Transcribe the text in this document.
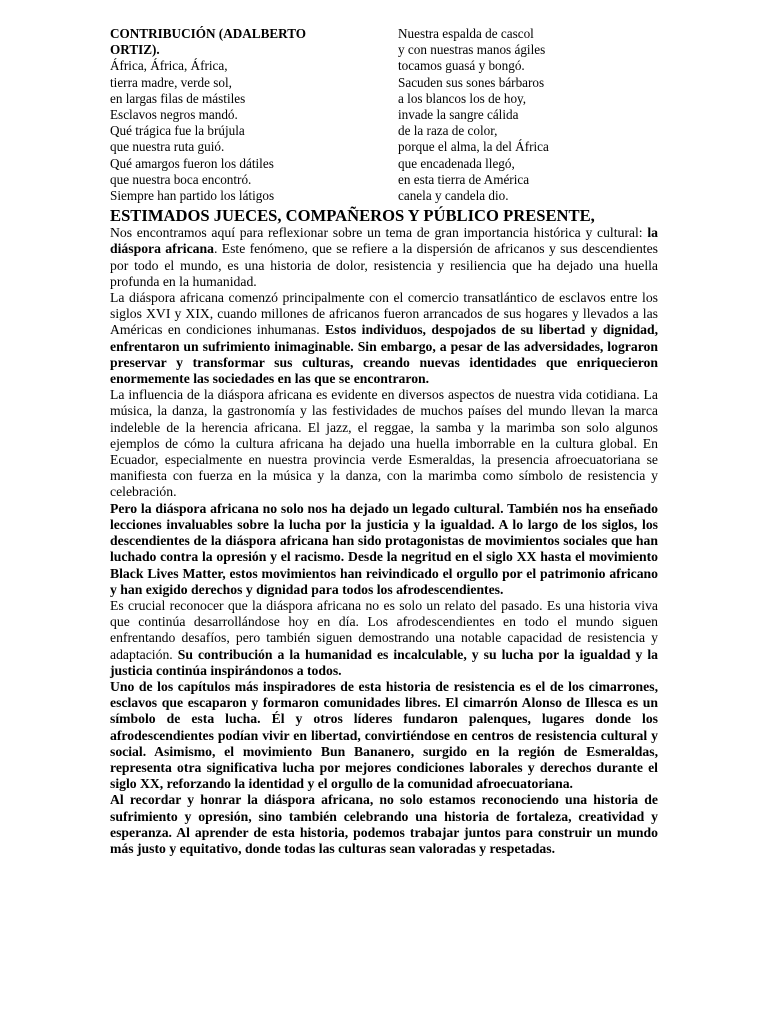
CONTRIBUCIÓN (ADALBERTO
ORTIZ).
África, África, África,
tierra madre, verde sol,
en largas filas de mástiles
Esclavos negros mandó.
Qué trágica fue la brújula
que nuestra ruta guió.
Qué amargos fueron los dátiles
que nuestra boca encontró.
Siempre han partido los látigos
Nuestra espalda de cascol
y con nuestras manos ágiles
tocamos guasá y bongó.
Sacuden sus sones bárbaros
a los blancos los de hoy,
invade la sangre cálida
de la raza de color,
porque el alma, la del África
que encadenada llegó,
en esta tierra de América
canela y candela dio.
ESTIMADOS JUECES, COMPAÑEROS Y PÚBLICO PRESENTE,

Nos encontramos aquí para reflexionar sobre un tema de gran importancia histórica y cultural: la diáspora africana. Este fenómeno, que se refiere a la dispersión de africanos y sus descendientes por todo el mundo, es una historia de dolor, resistencia y resiliencia que ha dejado una huella profunda en la humanidad.

La diáspora africana comenzó principalmente con el comercio transatlántico de esclavos entre los siglos XVI y XIX, cuando millones de africanos fueron arrancados de sus hogares y llevados a las Américas en condiciones inhumanas. Estos individuos, despojados de su libertad y dignidad, enfrentaron un sufrimiento inimaginable. Sin embargo, a pesar de las adversidades, lograron preservar y transformar sus culturas, creando nuevas identidades que enriquecieron enormemente las sociedades en las que se encontraron.

La influencia de la diáspora africana es evidente en diversos aspectos de nuestra vida cotidiana. La música, la danza, la gastronomía y las festividades de muchos países del mundo llevan la marca indeleble de la herencia africana. El jazz, el reggae, la samba y la marimba son solo algunos ejemplos de cómo la cultura africana ha dejado una huella imborrable en la cultura global. En Ecuador, especialmente en nuestra provincia verde Esmeraldas, la presencia afroecuatoriana se manifiesta con fuerza en la música y la danza, con la marimba como símbolo de resistencia y celebración.

Pero la diáspora africana no solo nos ha dejado un legado cultural. También nos ha enseñado lecciones invaluables sobre la lucha por la justicia y la igualdad. A lo largo de los siglos, los descendientes de la diáspora africana han sido protagonistas de movimientos sociales que han luchado contra la opresión y el racismo. Desde la negritud en el siglo XX hasta el movimiento Black Lives Matter, estos movimientos han reivindicado el orgullo por el patrimonio africano y han exigido derechos y dignidad para todos los afrodescendientes.

Es crucial reconocer que la diáspora africana no es solo un relato del pasado. Es una historia viva que continúa desarrollándose hoy en día. Los afrodescendientes en todo el mundo siguen enfrentando desafíos, pero también siguen demostrando una notable capacidad de resistencia y adaptación. Su contribución a la humanidad es incalculable, y su lucha por la igualdad y la justicia continúa inspirándonos a todos.

Uno de los capítulos más inspiradores de esta historia de resistencia es el de los cimarrones, esclavos que escaparon y formaron comunidades libres. El cimarrón Alonso de Illesca es un símbolo de esta lucha. Él y otros líderes fundaron palenques, lugares donde los afrodescendientes podían vivir en libertad, convirtiéndose en centros de resistencia cultural y social. Asimismo, el movimiento Bun Bananero, surgido en la región de Esmeraldas, representa otra significativa lucha por mejores condiciones laborales y derechos durante el siglo XX, reforzando la identidad y el orgullo de la comunidad afroecuatoriana.

Al recordar y honrar la diáspora africana, no solo estamos reconociendo una historia de sufrimiento y opresión, sino también celebrando una historia de fortaleza, creatividad y esperanza. Al aprender de esta historia, podemos trabajar juntos para construir un mundo más justo y equitativo, donde todas las culturas sean valoradas y respetadas.
